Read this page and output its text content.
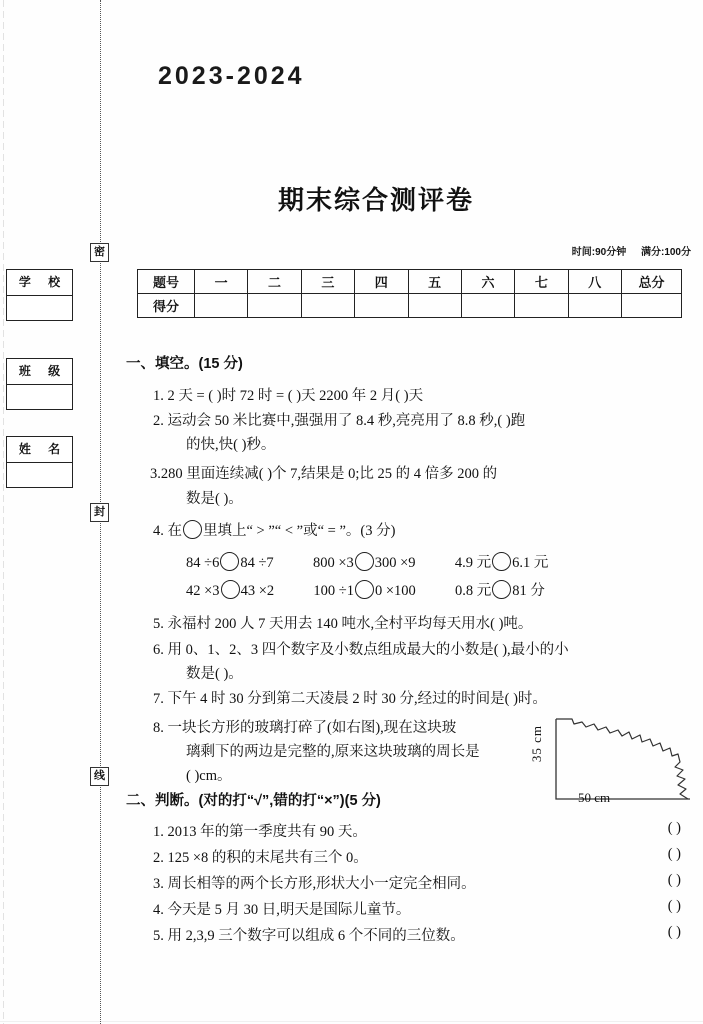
密
封
线
学 校
班 级
姓 名
2023-2024
期末综合测评卷
时间:90分钟 满分:100分
题号	一	二	三	四	五	六	七	八	总分
得分									
一、填空。(15 分)
1. 2 天 = ( )时 72 时 = ( )天 2200 年 2 月( )天
2. 运动会 50 米比赛中,强强用了 8.4 秒,亮亮用了 8.8 秒,( )跑
的快,快( )秒。
3.280 里面连续减( )个 7,结果是 0;比 25 的 4 倍多 200 的
数是( )。
4. 在 里填上“ > ”“ < ”或“ = ”。(3 分)
84 ÷6 84 ÷7	800 ×3 300 ×9	4.9 元 6.1 元
42 ×3 43 ×2	100 ÷1 0 ×100	0.8 元 81 分
5. 永福村 200 人 7 天用去 140 吨水,全村平均每天用水( )吨。
6. 用 0、1、2、3 四个数字及小数点组成最大的小数是( ),最小的小
数是( )。
7. 下午 4 时 30 分到第二天凌晨 2 时 30 分,经过的时间是( )时。
8. 一块长方形的玻璃打碎了(如右图),现在这块玻
璃剩下的两边是完整的,原来这块玻璃的周长是
( )cm。
35 cm
50 cm
二、判断。(对的打“√”,错的打“×”)(5 分)
1. 2013 年的第一季度共有 90 天。	( )
2. 125 ×8 的积的末尾共有三个 0。	( )
3. 周长相等的两个长方形,形状大小一定完全相同。	( )
4. 今天是 5 月 30 日,明天是国际儿童节。	( )
5. 用 2,3,9 三个数字可以组成 6 个不同的三位数。	( )
